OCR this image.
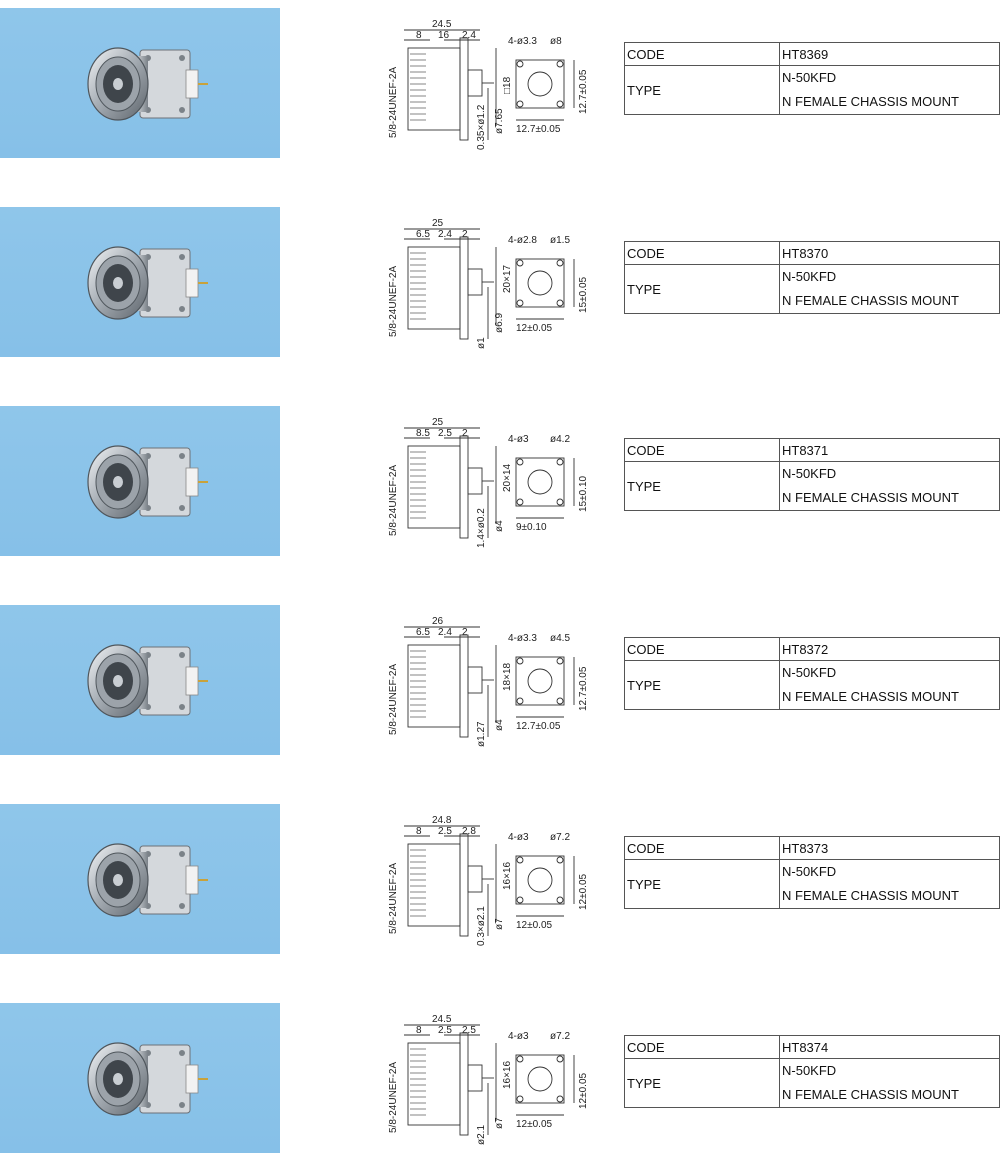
5/8-24UNEF-2A
24.5
8 16 2.4
4-ø3.3 ø8
0.35×ø1.2 ø7.65
□18
12.7±0.05
12.7±0.05
CODE	HT8369
TYPE	N-50KFD
N FEMALE CHASSIS MOUNT
5/8-24UNEF-2A
25
6.5 2.4 2
4-ø2.8 ø1.5
ø1
ø6.9
20×17
12±0.05
15±0.05
CODE	HT8370
TYPE	N-50KFD
N FEMALE CHASSIS MOUNT
5/8-24UNEF-2A
25
8.5 2.5 2
4-ø3 ø4.2
1.4×ø0.2 ø4
20×14
9±0.10
15±0.10
CODE	HT8371
TYPE	N-50KFD
N FEMALE CHASSIS MOUNT
5/8-24UNEF-2A
26
6.5 2.4 2
4-ø3.3 ø4.5
ø1.27 ø4
18×18
12.7±0.05
12.7±0.05
CODE	HT8372
TYPE	N-50KFD
N FEMALE CHASSIS MOUNT
5/8-24UNEF-2A
24.8
8 2.5 2.8
4-ø3 ø7.2
0.3×ø2.1 ø7
16×16
12±0.05
12±0.05
CODE	HT8373
TYPE	N-50KFD
N FEMALE CHASSIS MOUNT
5/8-24UNEF-2A
24.5
8 2.5 2.5
4-ø3 ø7.2
ø2.1
ø7
16×16
12±0.05
12±0.05
CODE	HT8374
TYPE	N-50KFD
N FEMALE CHASSIS MOUNT
